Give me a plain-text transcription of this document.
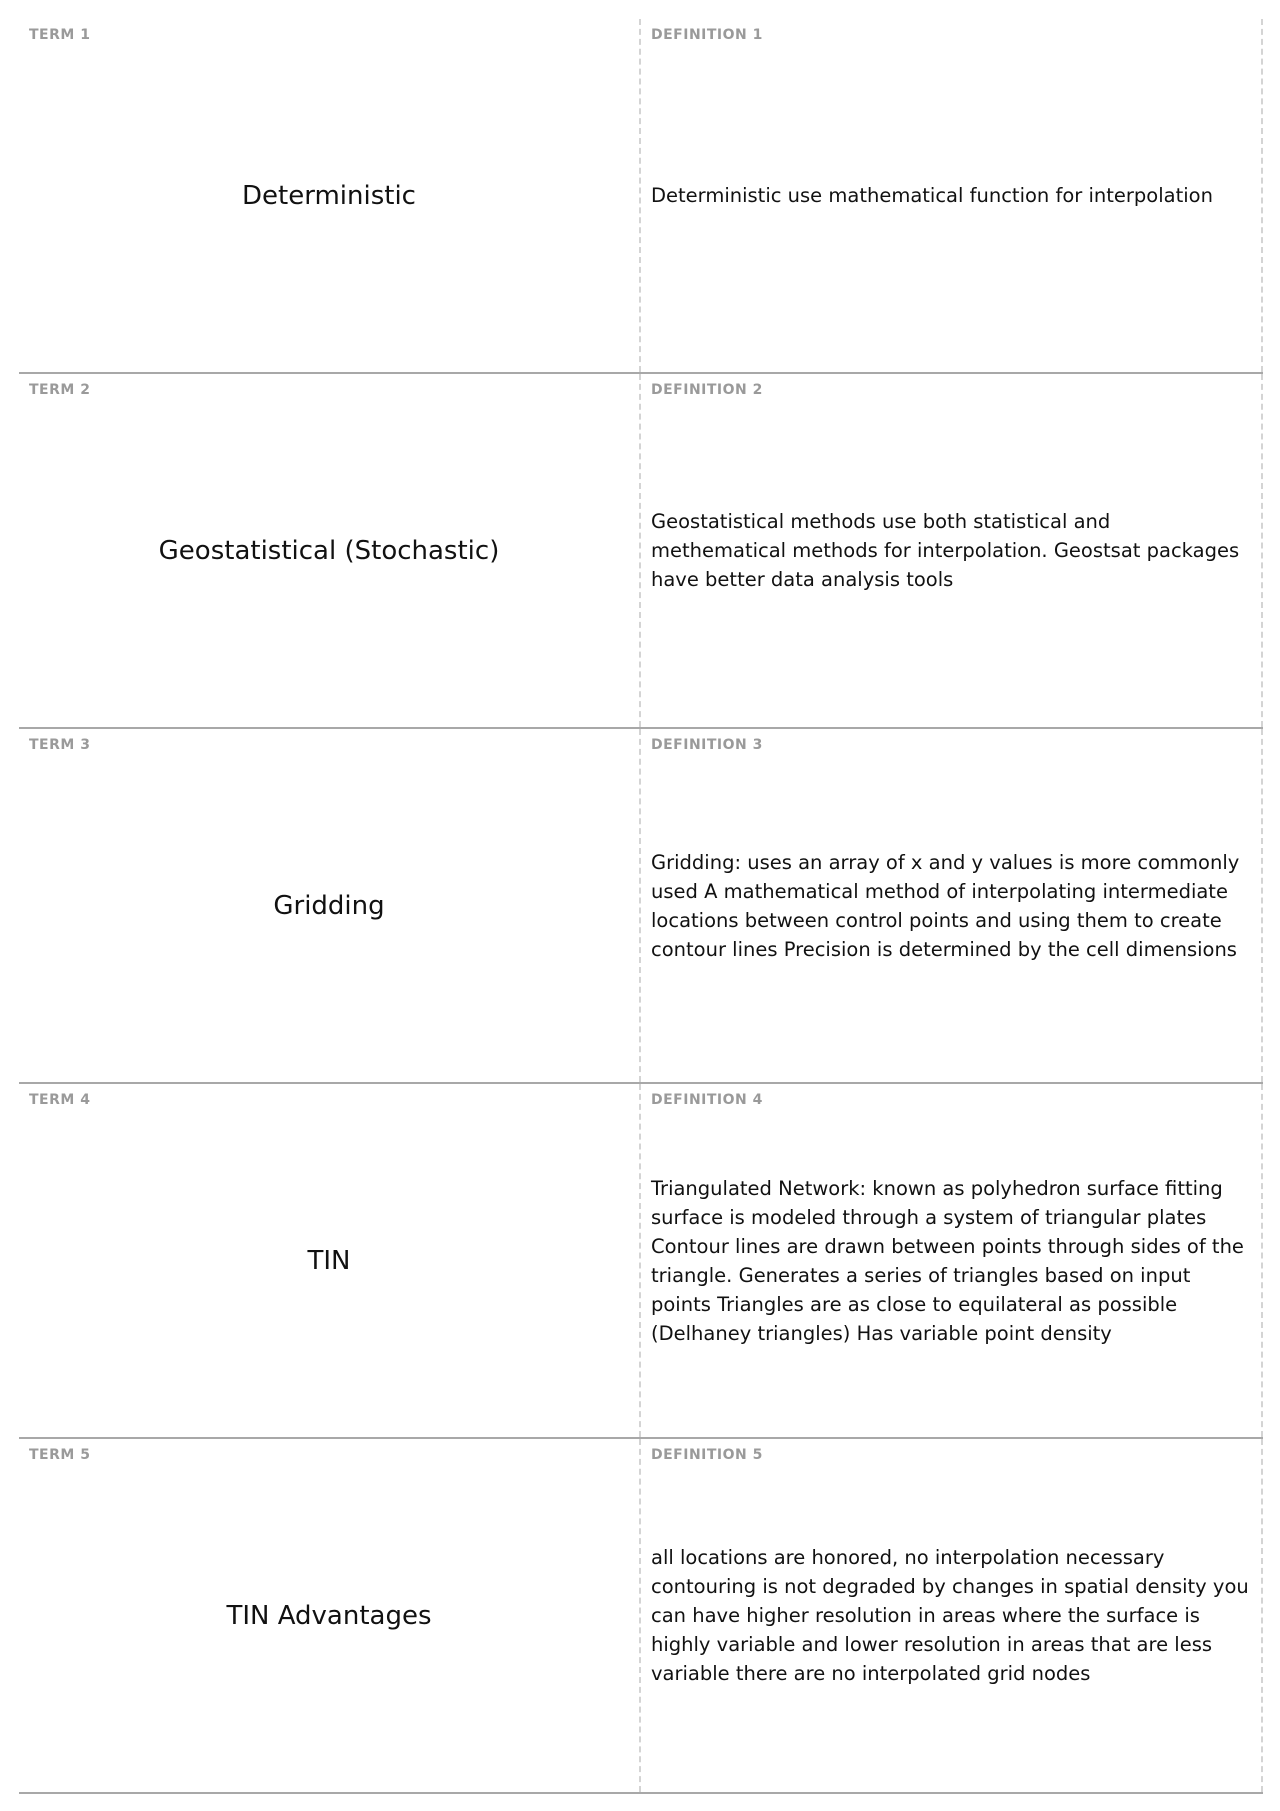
TERM 1
Deterministic
DEFINITION 1
Deterministic use mathematical function for interpolation
TERM 2
Geostatistical (Stochastic)
DEFINITION 2
Geostatistical methods use both statistical and methematical methods for interpolation. Geostsat packages have better data analysis tools
TERM 3
Gridding
DEFINITION 3
Gridding: uses an array of x and y values is more commonly used A mathematical method of interpolating intermediate locations between control points and using them to create contour lines Precision is determined by the cell dimensions
TERM 4
TIN
DEFINITION 4
Triangulated Network: known as polyhedron surface fitting surface is modeled through a system of triangular plates Contour lines are drawn between points through sides of the triangle. Generates a series of triangles based on input points Triangles are as close to equilateral as possible (Delhaney triangles) Has variable point density
TERM 5
TIN Advantages
DEFINITION 5
all locations are honored, no interpolation necessary contouring is not degraded by changes in spatial density you can have higher resolution in areas where the surface is highly variable and lower resolution in areas that are less variable there are no interpolated grid nodes
